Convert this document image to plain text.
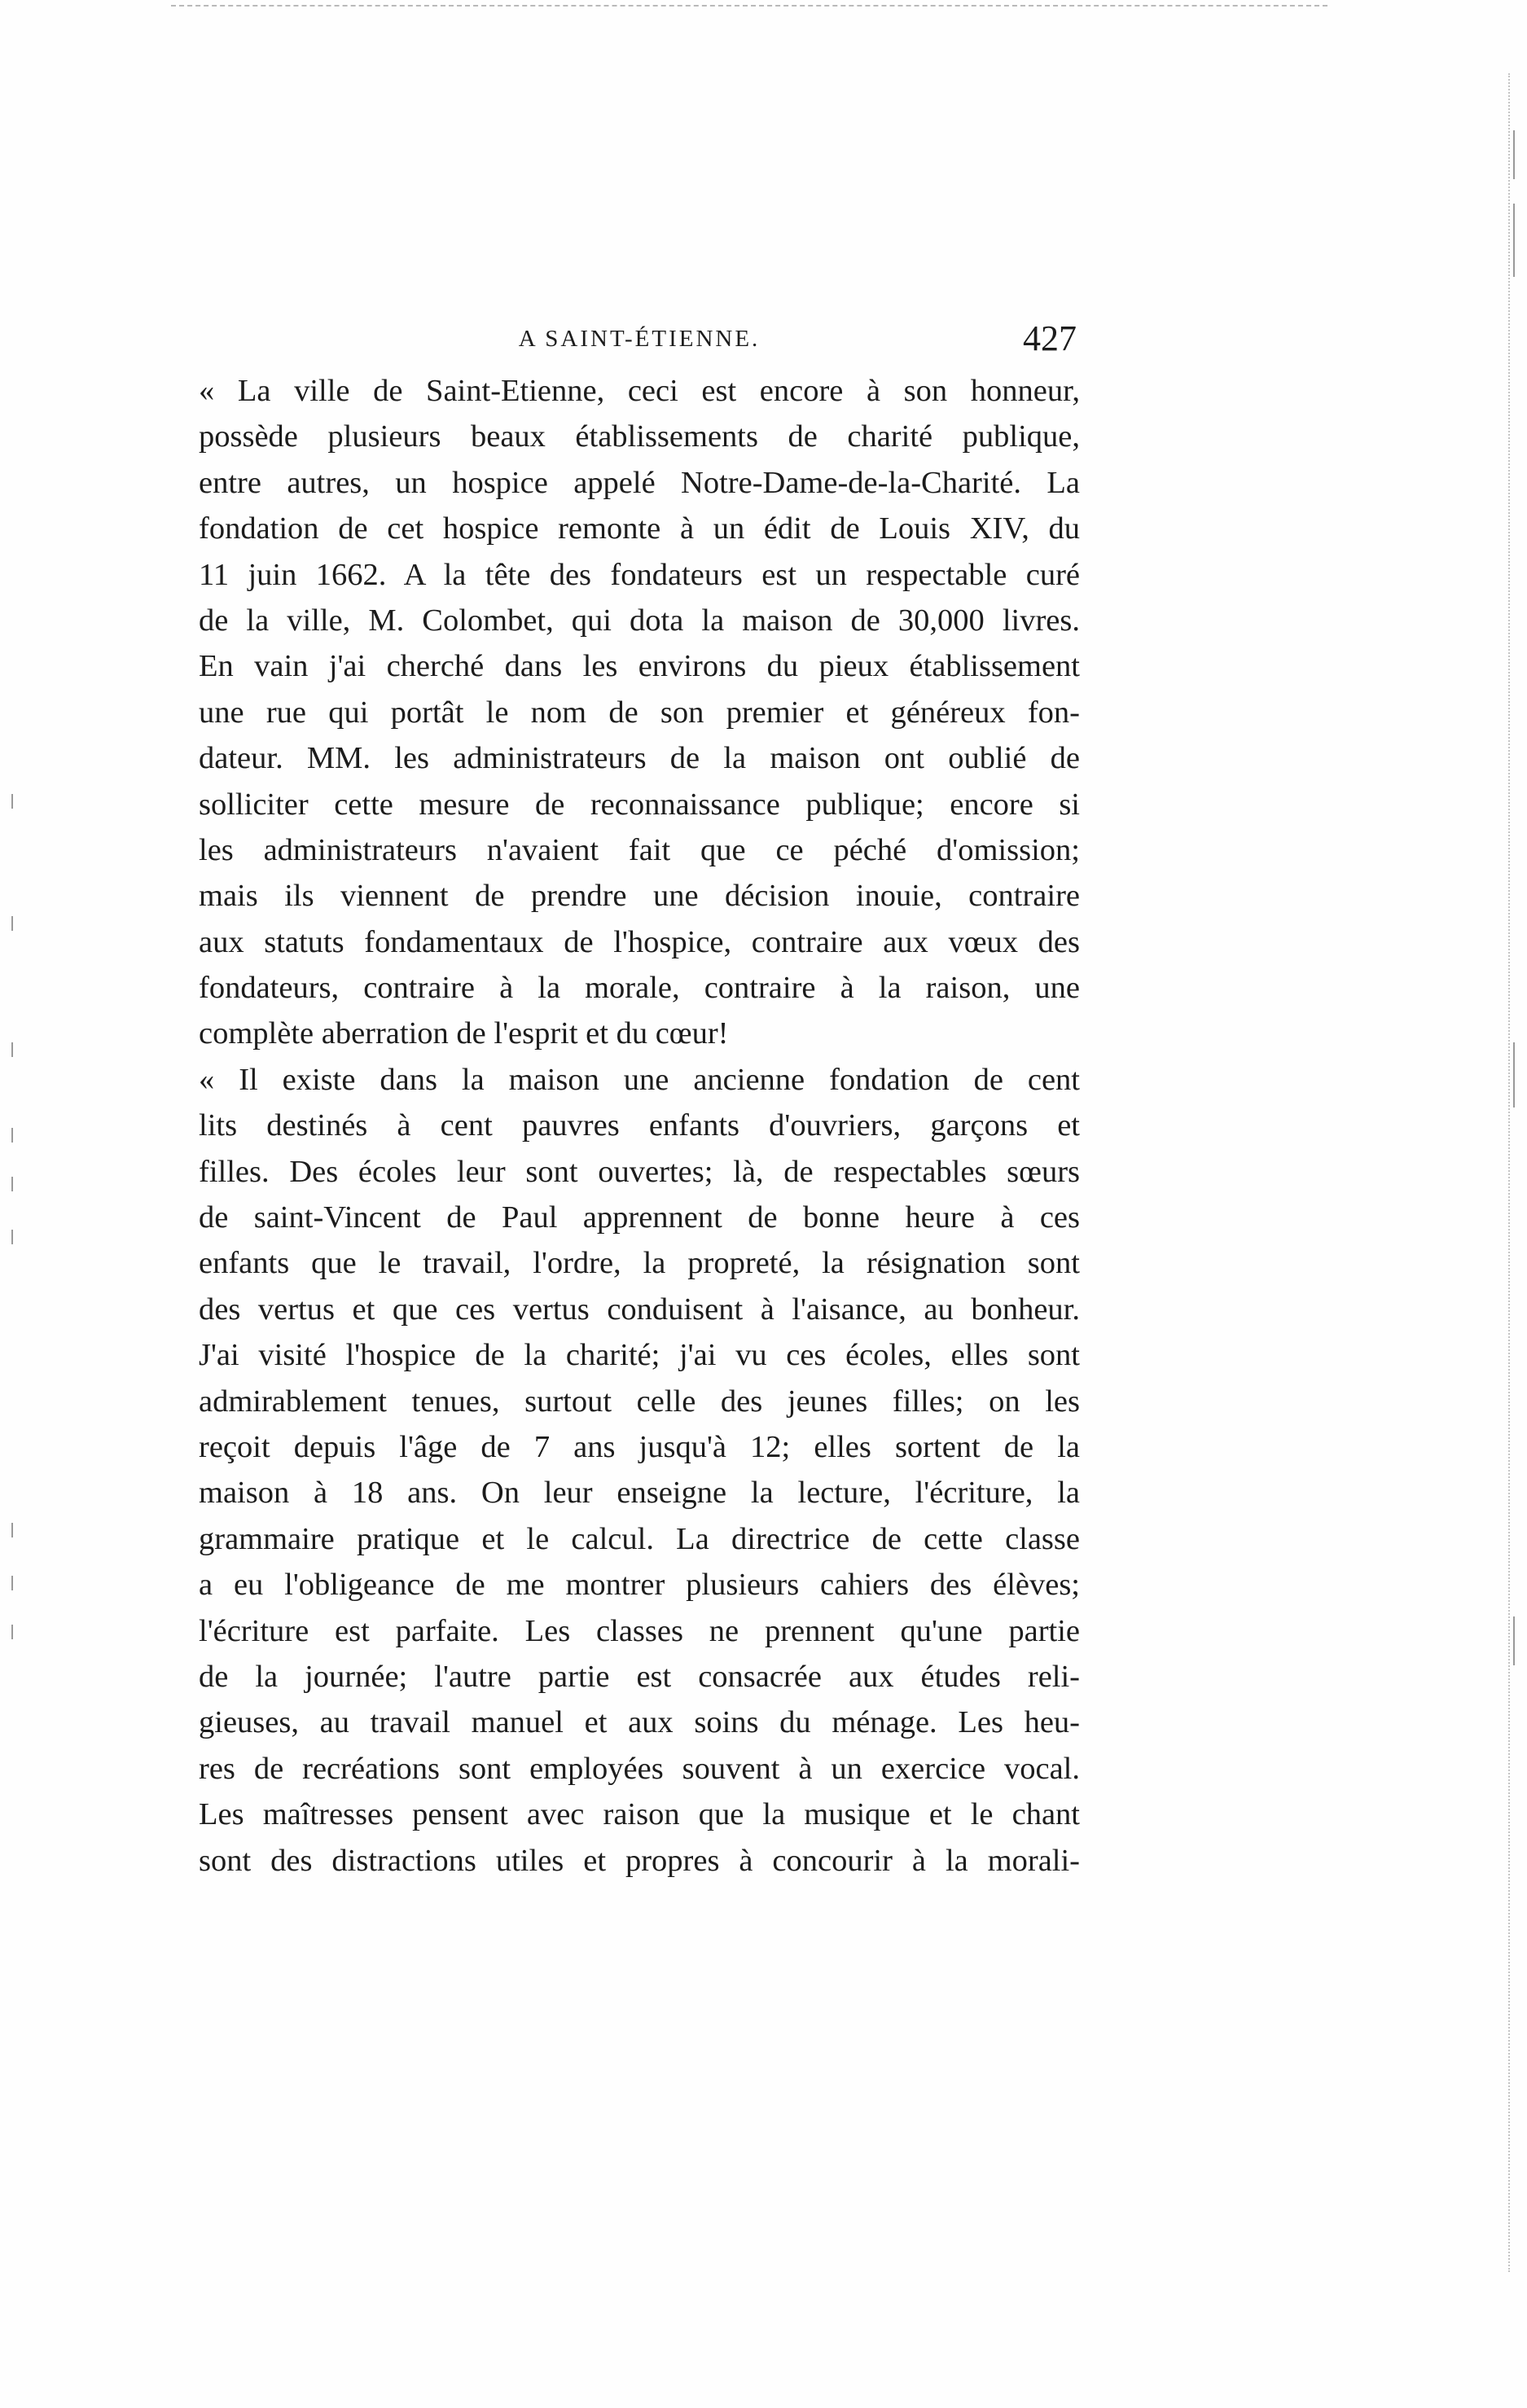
A SAINT-ÉTIENNE.	427
« La ville de Saint-Etienne, ceci est encore à son honneur,
possède plusieurs beaux établissements de charité publique,
entre autres, un hospice appelé Notre-Dame-de-la-Charité. La
fondation de cet hospice remonte à un édit de Louis XIV, du
11 juin 1662. A la tête des fondateurs est un respectable curé
de la ville, M. Colombet, qui dota la maison de 30,000 livres.
En vain j'ai cherché dans les environs du pieux établissement
une rue qui portât le nom de son premier et généreux fon-
dateur. MM. les administrateurs de la maison ont oublié de
solliciter cette mesure de reconnaissance publique; encore si
les administrateurs n'avaient fait que ce péché d'omission;
mais ils viennent de prendre une décision inouie, contraire
aux statuts fondamentaux de l'hospice, contraire aux vœux des
fondateurs, contraire à la morale, contraire à la raison, une
complète aberration de l'esprit et du cœur!
« Il existe dans la maison une ancienne fondation de cent
lits destinés à cent pauvres enfants d'ouvriers, garçons et
filles. Des écoles leur sont ouvertes; là, de respectables sœurs
de saint-Vincent de Paul apprennent de bonne heure à ces
enfants que le travail, l'ordre, la propreté, la résignation sont
des vertus et que ces vertus conduisent à l'aisance, au bonheur.
J'ai visité l'hospice de la charité; j'ai vu ces écoles, elles sont
admirablement tenues, surtout celle des jeunes filles; on les
reçoit depuis l'âge de 7 ans jusqu'à 12; elles sortent de la
maison à 18 ans. On leur enseigne la lecture, l'écriture, la
grammaire pratique et le calcul. La directrice de cette classe
a eu l'obligeance de me montrer plusieurs cahiers des élèves;
l'écriture est parfaite. Les classes ne prennent qu'une partie
de la journée; l'autre partie est consacrée aux études reli-
gieuses, au travail manuel et aux soins du ménage. Les heu-
res de recréations sont employées souvent à un exercice vocal.
Les maîtresses pensent avec raison que la musique et le chant
sont des distractions utiles et propres à concourir à la morali-
